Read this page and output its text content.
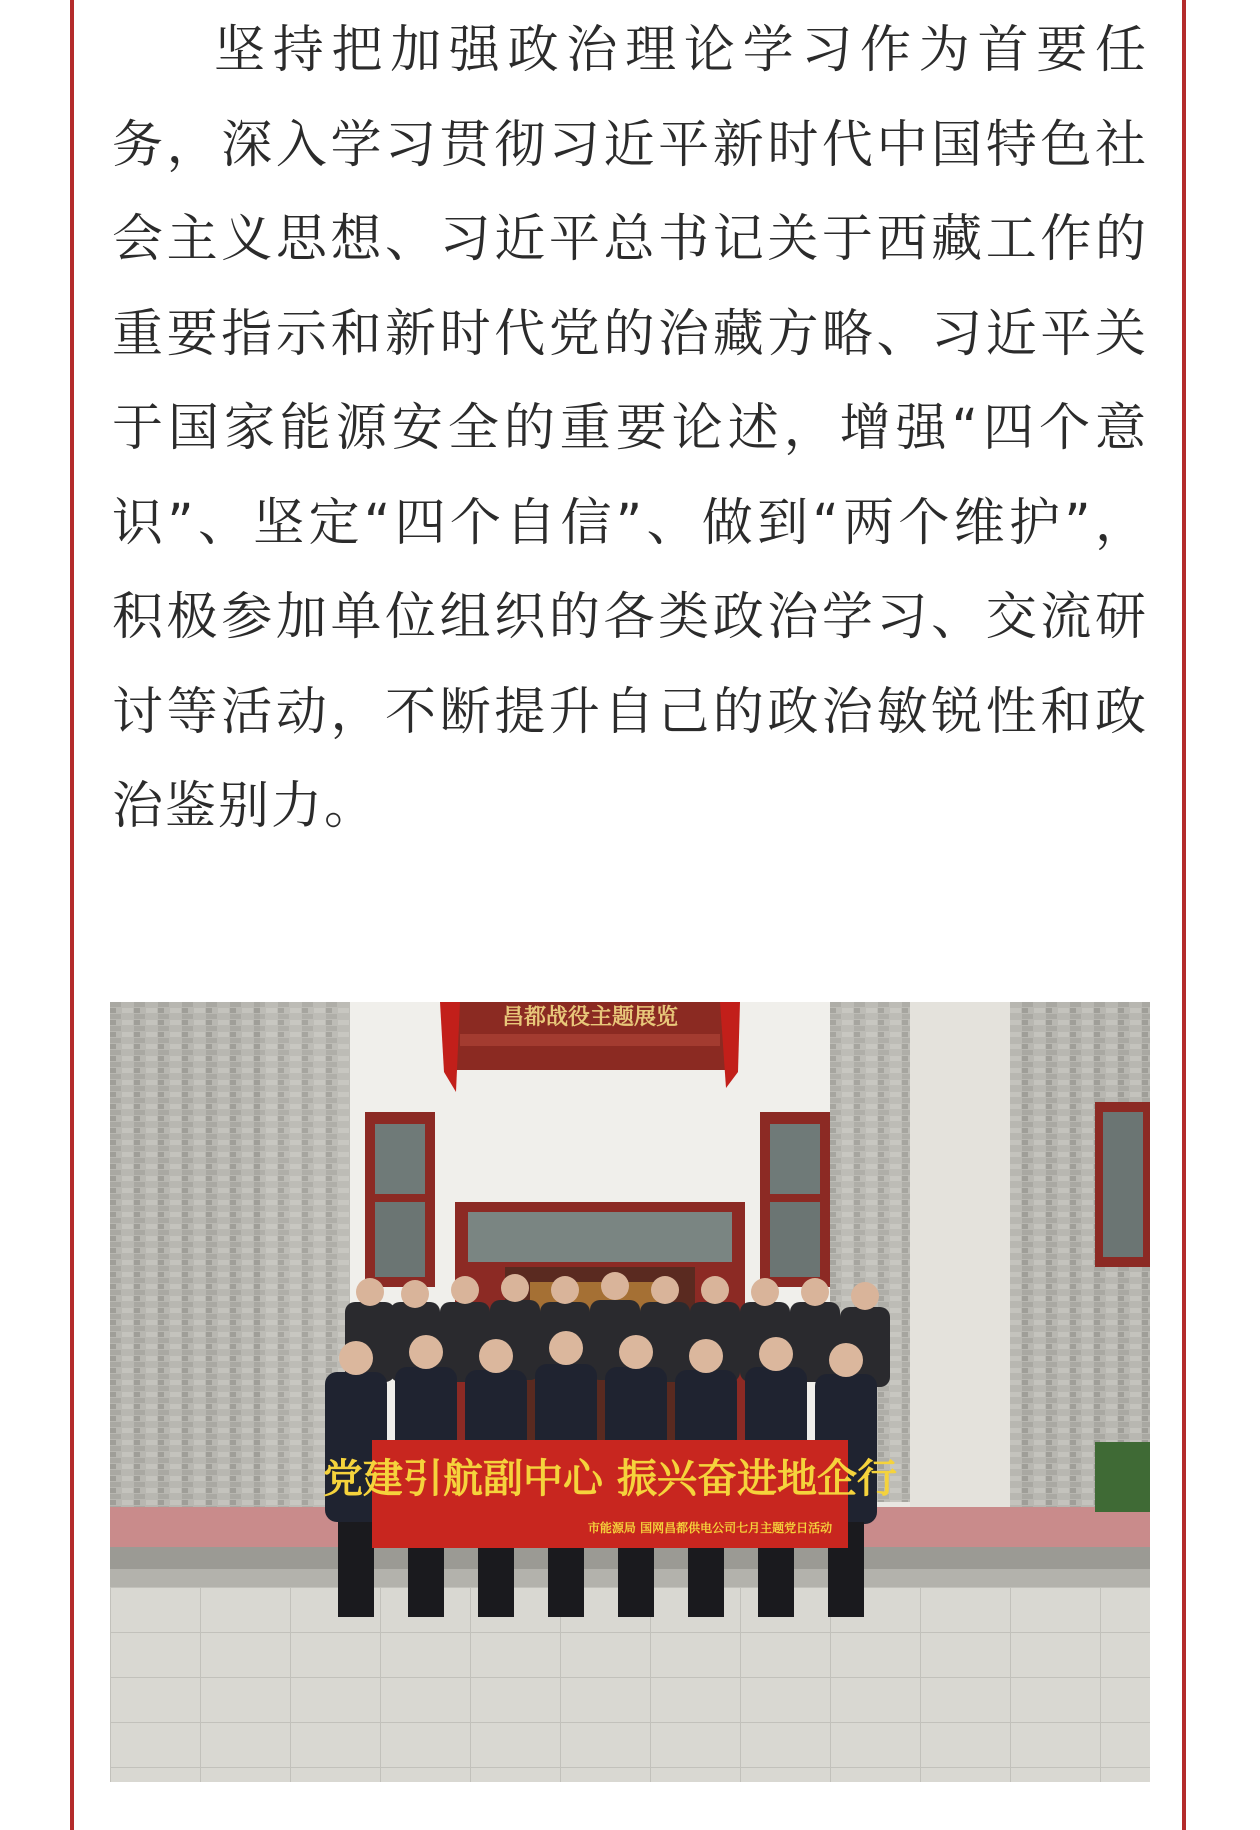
坚持把加强政治理论学习作为首要任务，深入学习贯彻习近平新时代中国特色社会主义思想、习近平总书记关于西藏工作的重要指示和新时代党的治藏方略、习近平关于国家能源安全的重要论述，增强“四个意识”、坚定“四个自信”、做到“两个维护”，积极参加单位组织的各类政治学习、交流研讨等活动，不断提升自己的政治敏锐性和政治鉴别力。

昌都战役主题展览
党建引航副中心 振兴奋进地企行
市能源局 国网昌都供电公司七月主题党日活动
